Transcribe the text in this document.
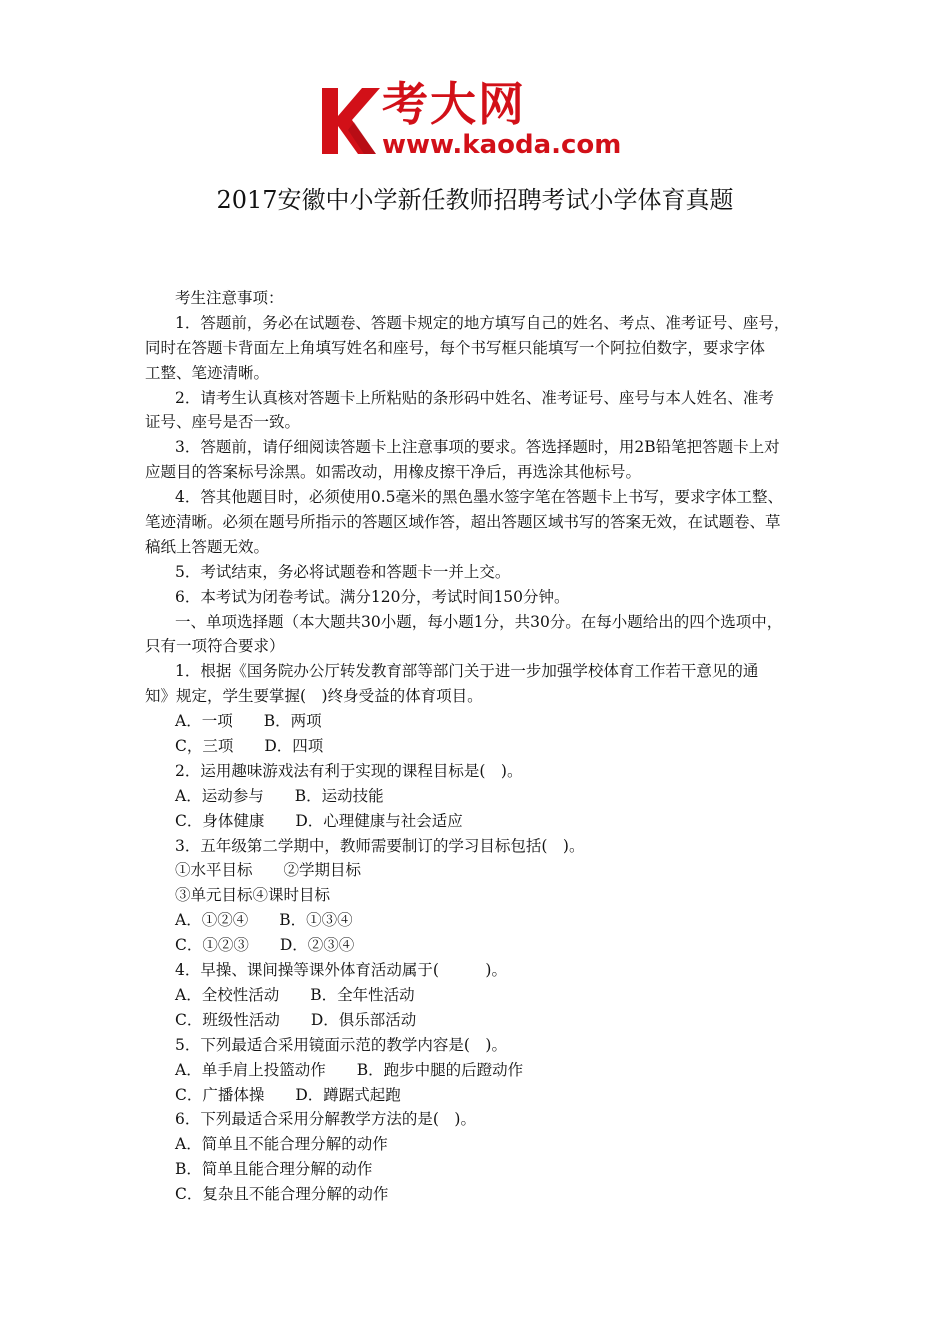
考大网
www.kaoda.com
2017安徽中小学新任教师招聘考试小学体育真题
考生注意事项：
1．答题前，务必在试题卷、答题卡规定的地方填写自己的姓名、考点、准考证号、座号，
同时在答题卡背面左上角填写姓名和座号，每个书写框只能填写一个阿拉伯数字，要求字体
工整、笔迹清晰。
2．请考生认真核对答题卡上所粘贴的条形码中姓名、准考证号、座号与本人姓名、准考
证号、座号是否一致。
3．答题前，请仔细阅读答题卡上注意事项的要求。答选择题时，用2B铅笔把答题卡上对
应题目的答案标号涂黑。如需改动，用橡皮擦干净后，再选涂其他标号。
4．答其他题目时，必须使用0.5毫米的黑色墨水签字笔在答题卡上书写，要求字体工整、
笔迹清晰。必须在题号所指示的答题区域作答，超出答题区域书写的答案无效，在试题卷、草
稿纸上答题无效。
5．考试结束，务必将试题卷和答题卡一并上交。
6．本考试为闭卷考试。满分120分，考试时间150分钟。
一、单项选择题（本大题共30小题，每小题1分，共30分。在每小题给出的四个选项中，
只有一项符合要求）
1．根据《国务院办公厅转发教育部等部门关于进一步加强学校体育工作若干意见的通
知》规定，学生要掌握(　)终身受益的体育项目。
A．一项　　B．两项
C，三项　　D．四项
2．运用趣味游戏法有利于实现的课程目标是(　)。
A．运动参与　　B．运动技能
C．身体健康　　D．心理健康与社会适应
3．五年级第二学期中，教师需要制订的学习目标包括(　)。
①水平目标　　②学期目标
③单元目标④课时目标
A．①②④　　B．①③④
C．①②③　　D．②③④
4．早操、课间操等课外体育活动属于(　　　)。
A．全校性活动　　B．全年性活动
C．班级性活动　　D．俱乐部活动
5．下列最适合采用镜面示范的教学内容是(　)。
A．单手肩上投篮动作　　B．跑步中腿的后蹬动作
C．广播体操　　D．蹲踞式起跑
6．下列最适合采用分解教学方法的是(　)。
A．简单且不能合理分解的动作
B．简单且能合理分解的动作
C．复杂且不能合理分解的动作
